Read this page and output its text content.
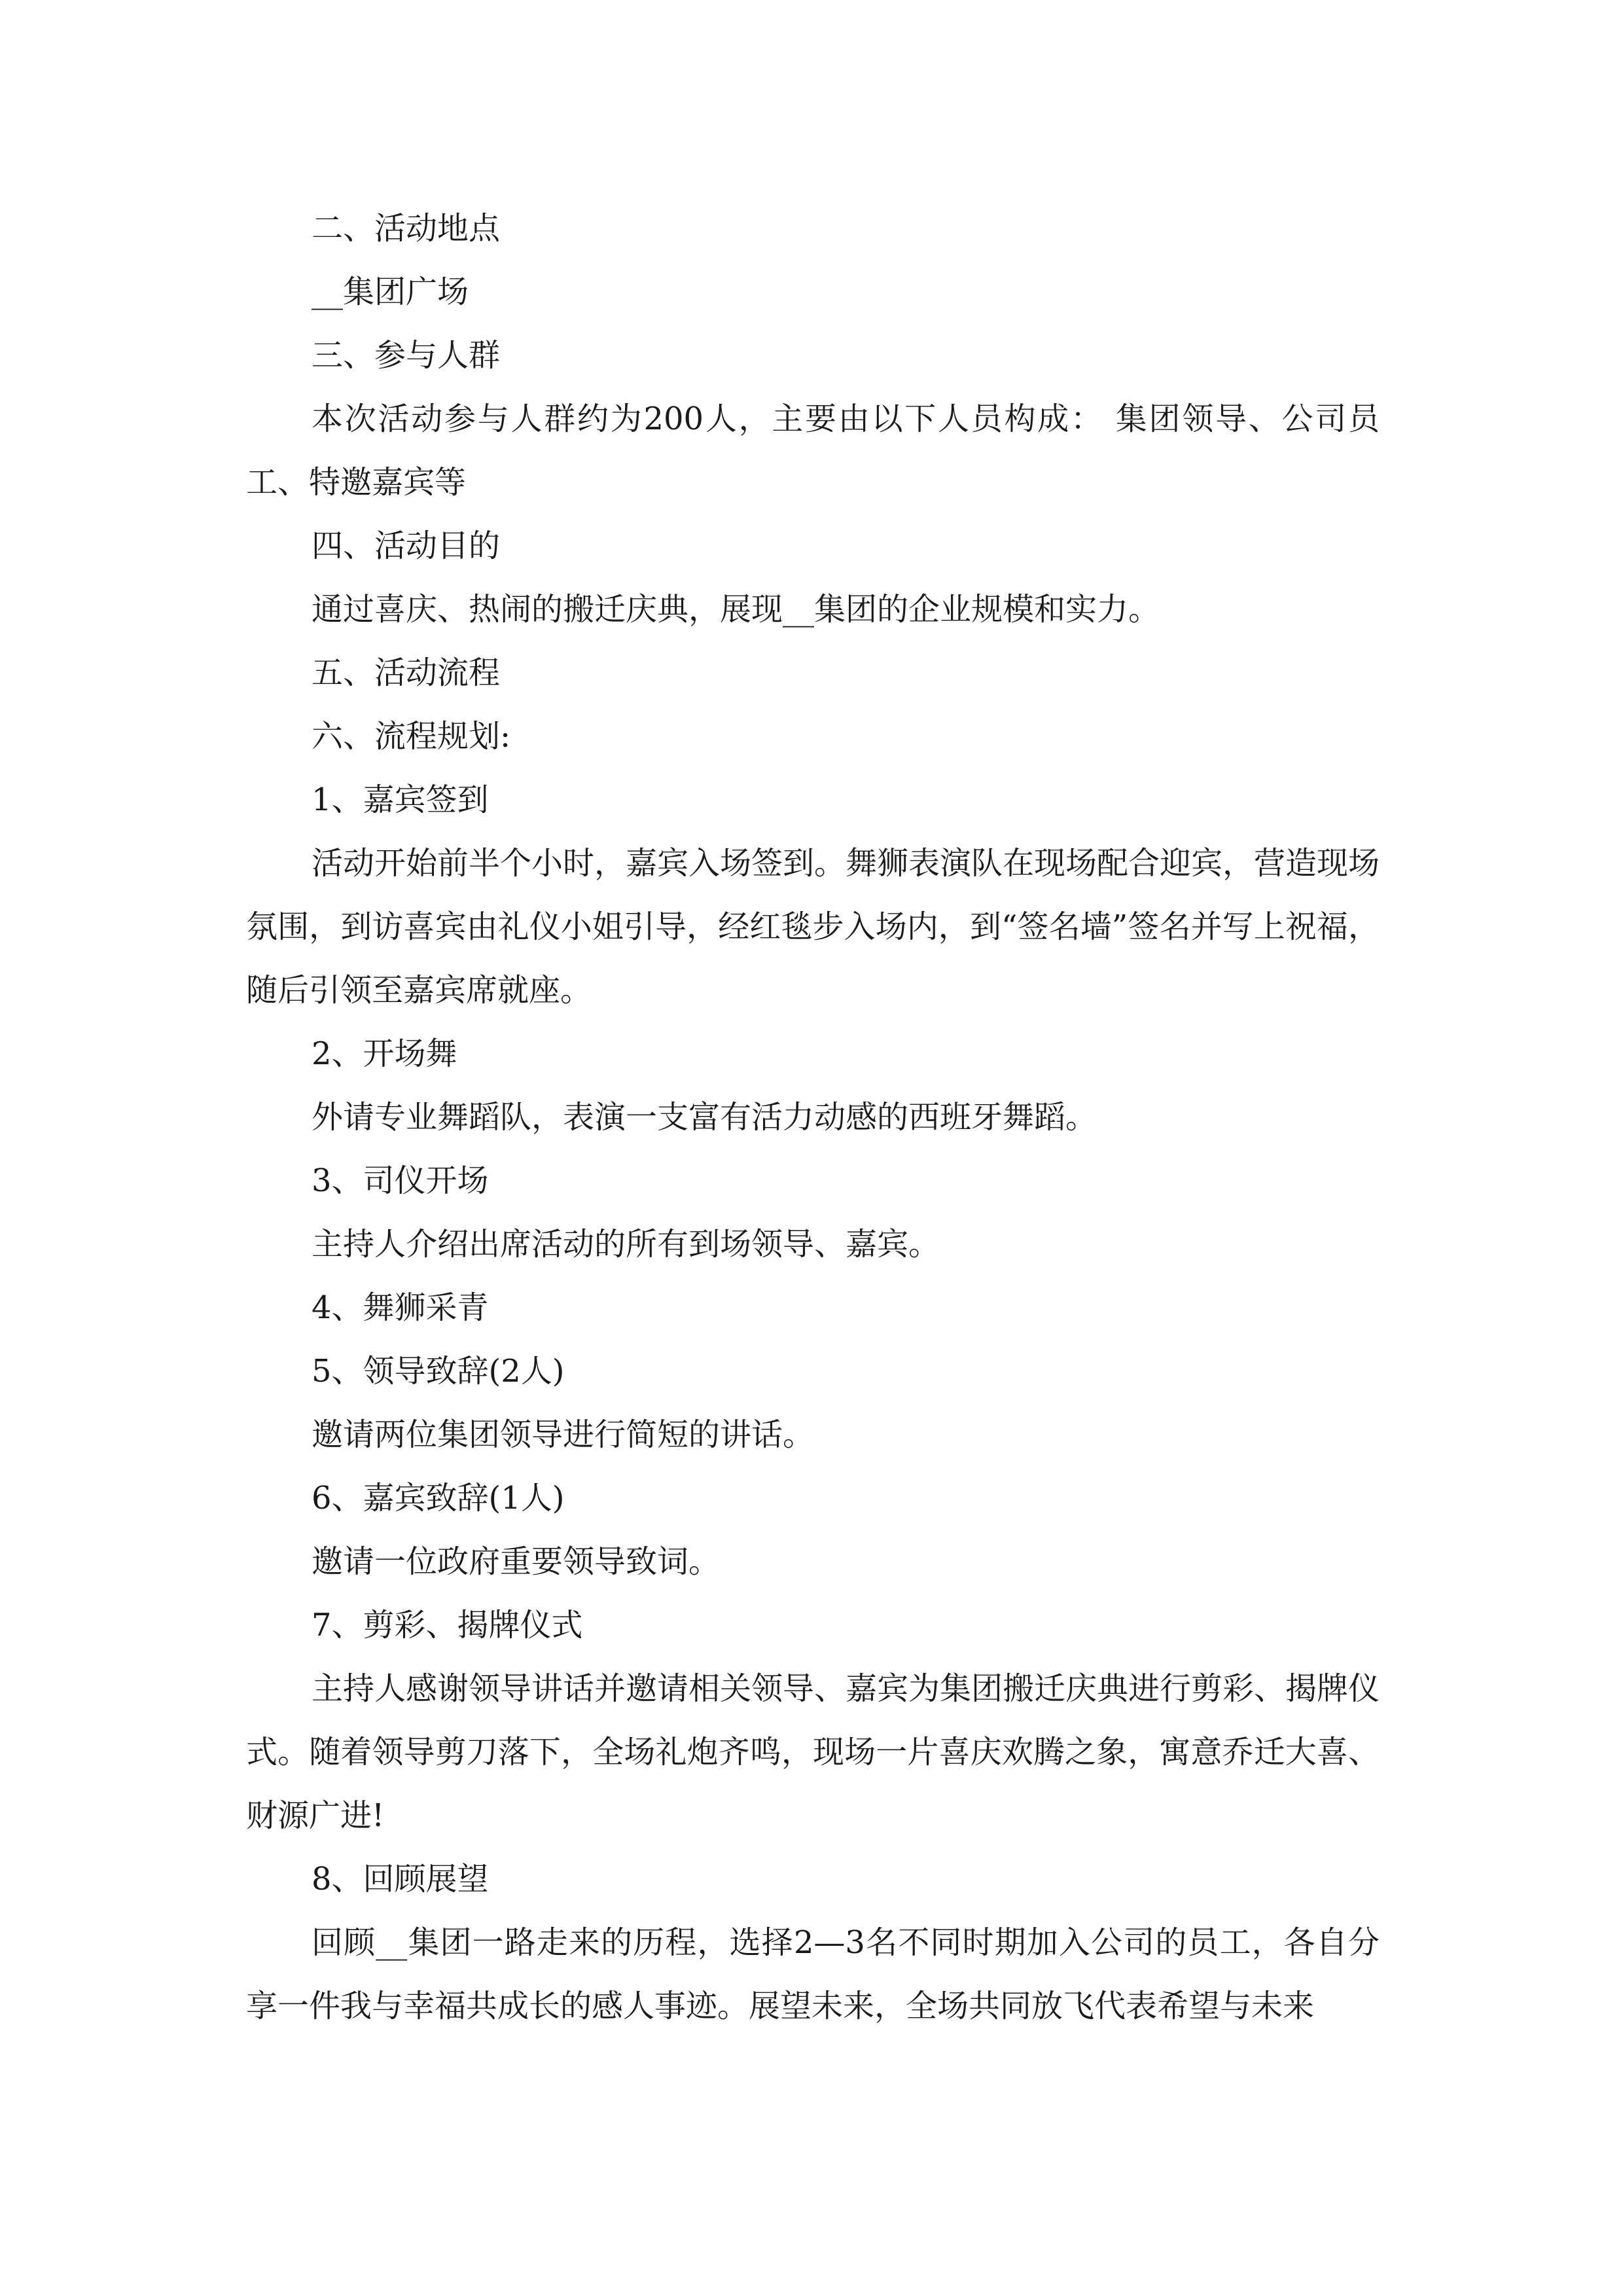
二、活动地点

__集团广场

三、参与人群

本次活动参与人群约为200人，主要由以下人员构成： 集团领导、公司员工、特邀嘉宾等

四、活动目的

通过喜庆、热闹的搬迁庆典，展现__集团的企业规模和实力。

五、活动流程

六、流程规划:

1、嘉宾签到

活动开始前半个小时，嘉宾入场签到。舞狮表演队在现场配合迎宾，营造现场氛围，到访喜宾由礼仪小姐引导，经红毯步入场内，到“签名墙”签名并写上祝福，随后引领至嘉宾席就座。

2、开场舞

外请专业舞蹈队，表演一支富有活力动感的西班牙舞蹈。

3、司仪开场

主持人介绍出席活动的所有到场领导、嘉宾。

4、舞狮采青

5、领导致辞(2人)

邀请两位集团领导进行简短的讲话。

6、嘉宾致辞(1人)

邀请一位政府重要领导致词。

7、剪彩、揭牌仪式

主持人感谢领导讲话并邀请相关领导、嘉宾为集团搬迁庆典进行剪彩、揭牌仪式。随着领导剪刀落下，全场礼炮齐鸣，现场一片喜庆欢腾之象，寓意乔迁大喜、财源广进!

8、回顾展望

回顾__集团一路走来的历程，选择2—3名不同时期加入公司的员工，各自分享一件我与幸福共成长的感人事迹。展望未来，全场共同放飞代表希望与未来
